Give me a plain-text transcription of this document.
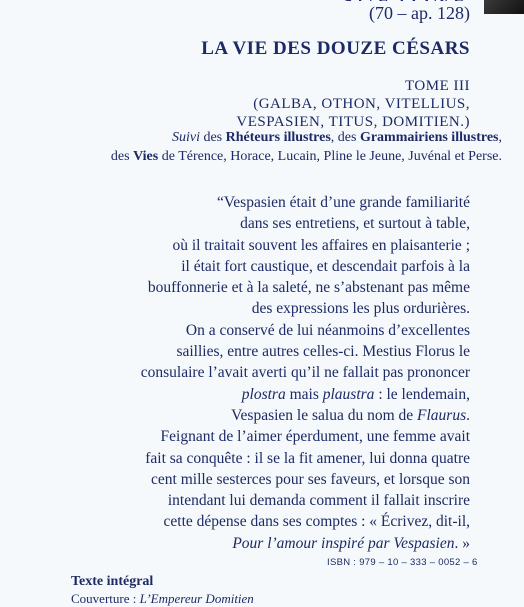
(70 – ap. 128)
LA VIE DES DOUZE CÉSARS
TOME III
(GALBA, OTHON, VITELLIUS,
VESPASIEN, TITUS, DOMITIEN.)
Suivi des Rhéteurs illustres, des Grammairiens illustres,
des Vies de Térence, Horace, Lucain, Pline le Jeune, Juvénal et Perse.
“Vespasien était d’une grande familiarité
dans ses entretiens, et surtout à table,
où il traitait souvent les affaires en plaisanterie ;
il était fort caustique, et descendait parfois à la
bouffonnerie et à la saleté, ne s’abstenant pas même
des expressions les plus ordurières.
On a conservé de lui néanmoins d’excellentes
saillies, entre autres celles-ci. Mestius Florus le
consulaire l’avait averti qu’il ne fallait pas prononcer
plostra mais plaustra : le lendemain,
Vespasien le salua du nom de Flaurus.
Feignant de l’aimer éperdument, une femme avait
fait sa conquête : il se la fit amener, lui donna quatre
cent mille sesterces pour ses faveurs, et lorsque son
intendant lui demanda comment il fallait inscrire
cette dépense dans ses comptes : « Écrivez, dit-il,
Pour l’amour inspiré par Vespasien. »
ISBN : 979 – 10 – 333 – 0052 – 6
Texte intégral
Couverture : L’Empereur Domitien
